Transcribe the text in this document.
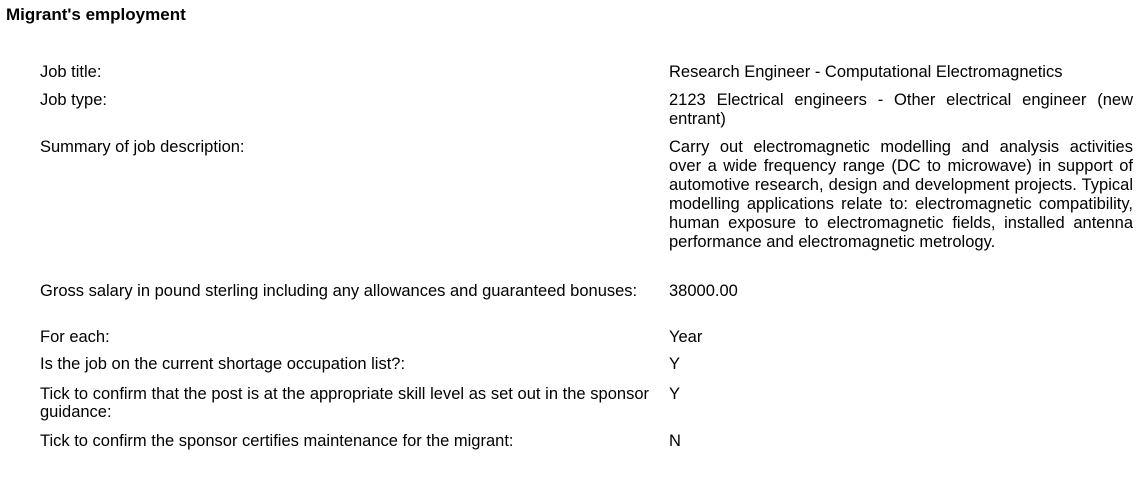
Migrant's employment
Job title:	Research Engineer - Computational Electromagnetics
Job type:	2123 Electrical engineers - Other electrical engineer (new entrant)
Summary of job description:	Carry out electromagnetic modelling and analysis activities over a wide frequency range (DC to microwave) in support of automotive research, design and development projects. Typical modelling applications relate to: electromagnetic compatibility, human exposure to electromagnetic fields, installed antenna performance and electromagnetic metrology.
Gross salary in pound sterling including any allowances and guaranteed bonuses:	38000.00
For each:	Year
Is the job on the current shortage occupation list?:	Y
Tick to confirm that the post is at the appropriate skill level as set out in the sponsor guidance:
Y
Tick to confirm the sponsor certifies maintenance for the migrant:	N
